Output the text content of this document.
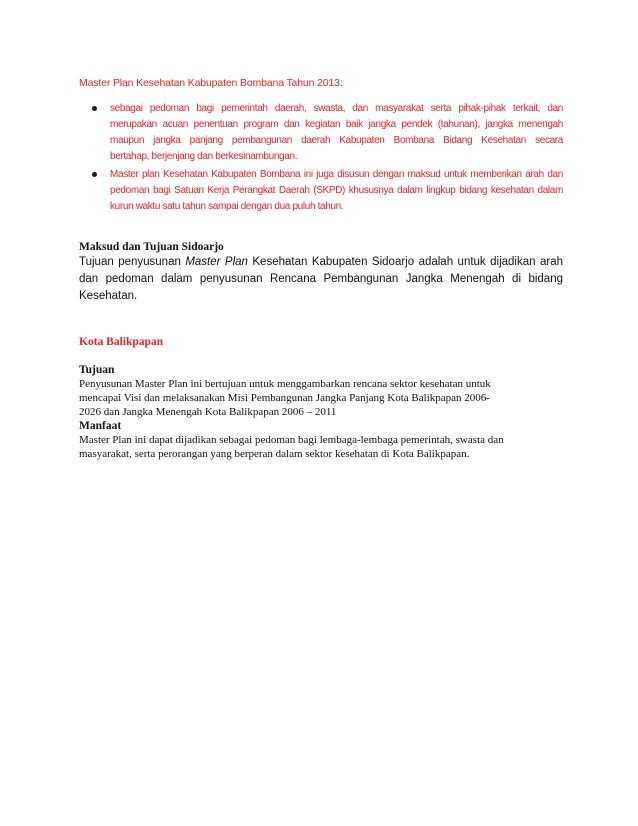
Master Plan Kesehatan Kabupaten Bombana Tahun 2013:
sebagai pedoman bagi pemerintah daerah, swasta, dan masyarakat serta pihak-pihak terkait, dan
merupakan acuan penentuan program dan kegiatan baik jangka pendek (tahunan), jangka menengah
maupun jangka panjang pembangunan daerah Kabupaten Bombana Bidang Kesehatan secara
bertahap, berjenjang dan berkesinambungan.
Master plan Kesehatan Kabupaten Bombana ini juga disusun dengan maksud untuk memberikan arah dan
pedoman bagi Satuan Kerja Perangkat Daerah (SKPD) khususnya dalam lingkup bidang kesehatan dalam
kurun waktu satu tahun sampai dengan dua puluh tahun.
Maksud dan Tujuan Sidoarjo
Tujuan penyusunan Master Plan Kesehatan Kabupaten Sidoarjo adalah untuk dijadikan arah
dan pedoman dalam penyusunan Rencana Pembangunan Jangka Menengah di bidang
Kesehatan.
Kota Balikpapan
Tujuan
Penyusunan Master Plan ini bertujuan untuk menggambarkan rencana sektor kesehatan untuk
mencapai Visi dan melaksanakan Misi Pembangunan Jangka Panjang Kota Balikpapan 2006-
2026 dan Jangka Menengah Kota Balikpapan 2006 – 2011
Manfaat
Master Plan ini dapat dijadikan sebagai pedoman bagi lembaga-lembaga pemerintah, swasta dan
masyarakat, serta perorangan yang berperan dalam sektor kesehatan di Kota Balikpapan.
